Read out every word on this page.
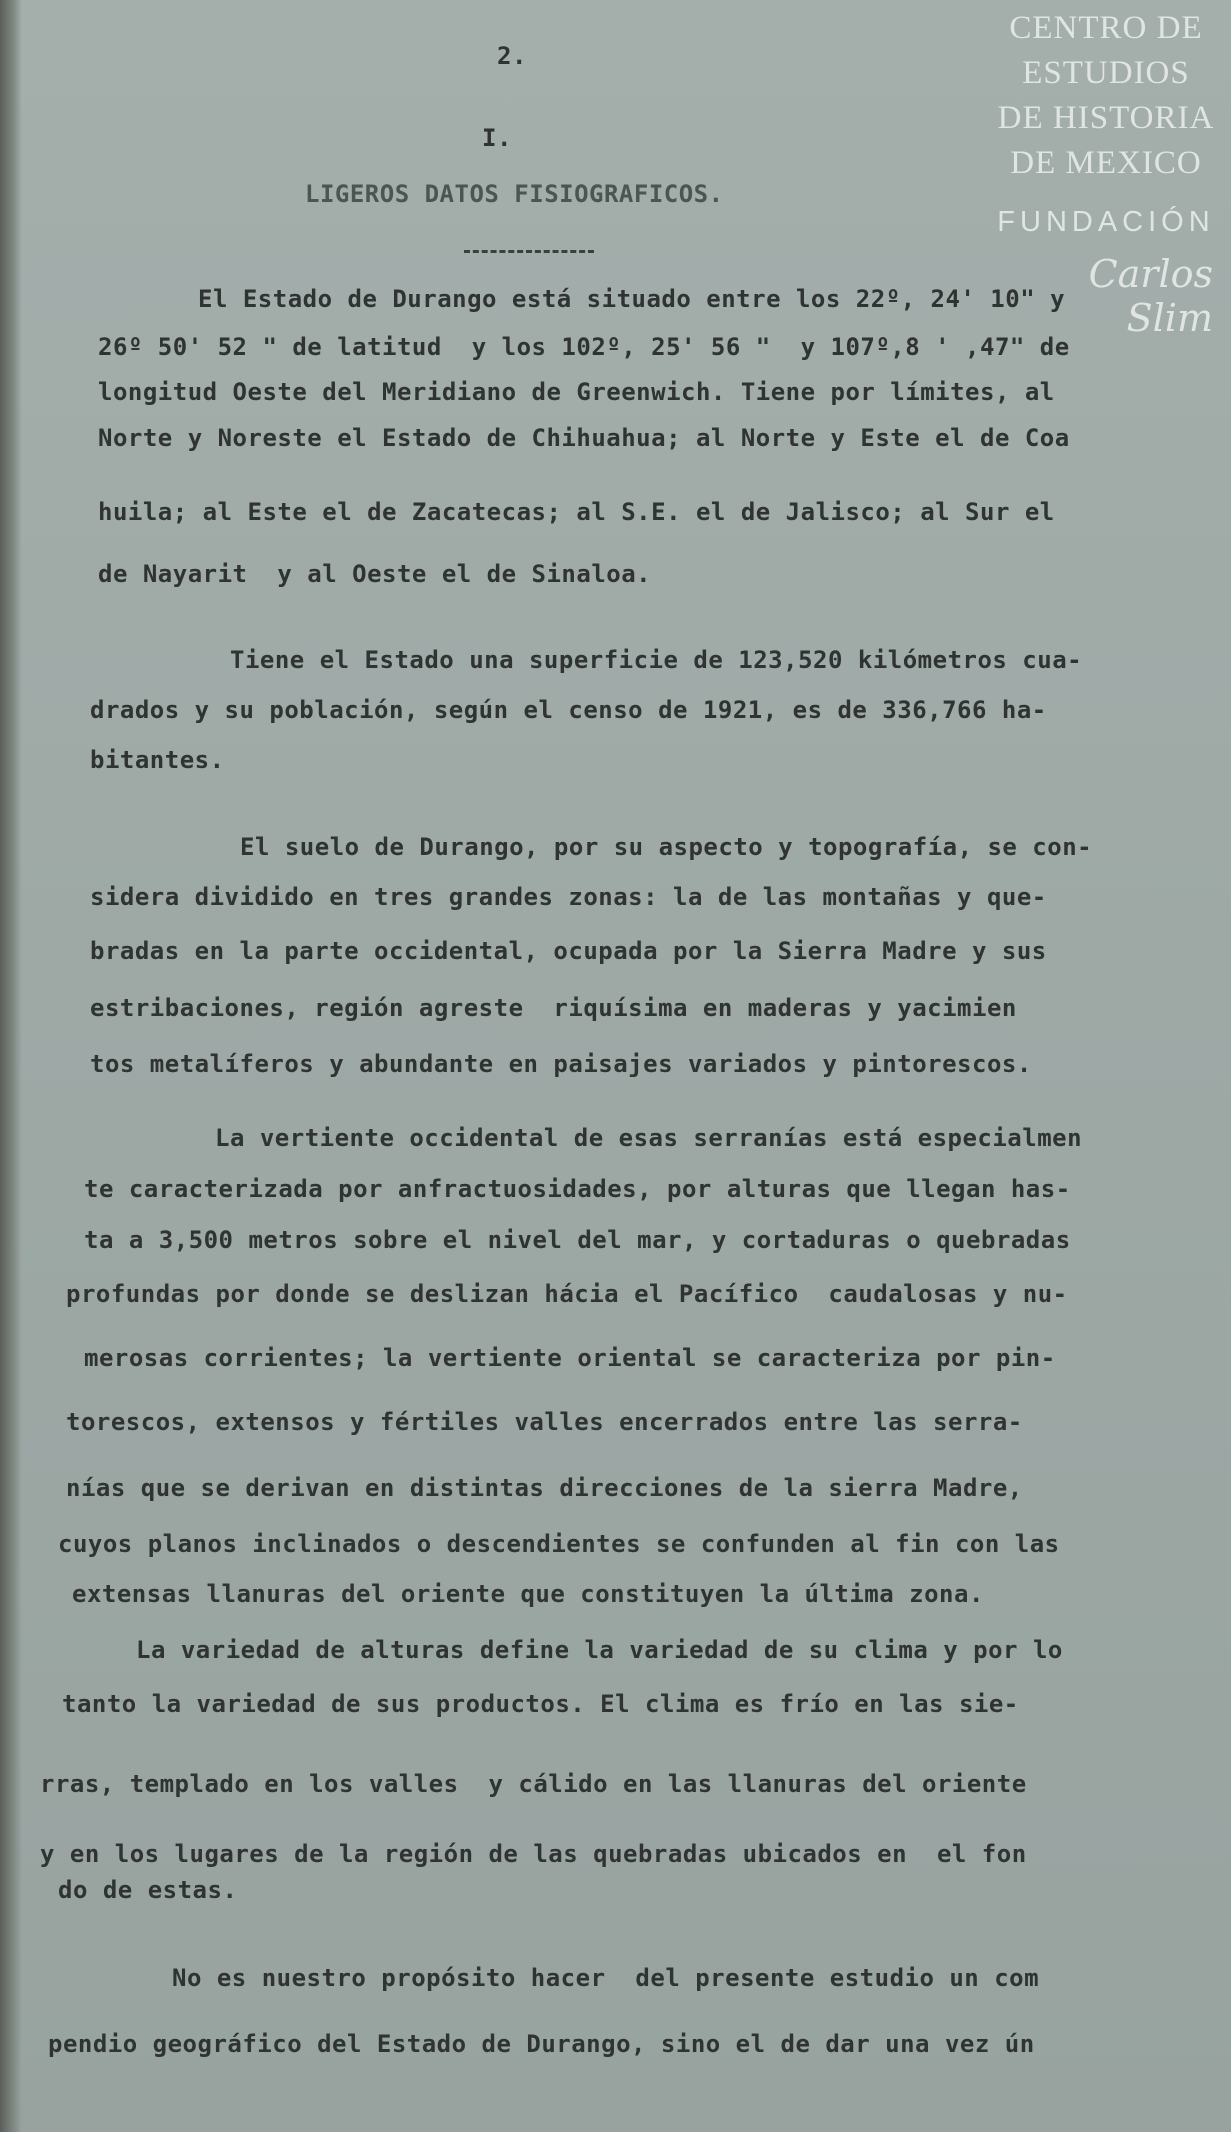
CENTRO DE
ESTUDIOS
DE HISTORIA
DE MEXICO
FUNDACIÓN
Carlos Slim
2.
I.
LIGEROS DATOS FISIOGRAFICOS.
El Estado de Durango está situado entre los 22º, 24' 10" y
26º 50' 52 " de latitud  y los 102º, 25' 56 "  y 107º,8 ' ,47" de
longitud Oeste del Meridiano de Greenwich. Tiene por límites, al
Norte y Noreste el Estado de Chihuahua; al Norte y Este el de Coa
huila; al Este el de Zacatecas; al S.E. el de Jalisco; al Sur el
de Nayarit  y al Oeste el de Sinaloa.
Tiene el Estado una superficie de 123,520 kilómetros cua-
drados y su población, según el censo de 1921, es de 336,766 ha-
bitantes.
El suelo de Durango, por su aspecto y topografía, se con-
sidera dividido en tres grandes zonas: la de las montañas y que-
bradas en la parte occidental, ocupada por la Sierra Madre y sus
estribaciones, región agreste  riquísima en maderas y yacimien
tos metalíferos y abundante en paisajes variados y pintorescos.
La vertiente occidental de esas serranías está especialmen
te caracterizada por anfractuosidades, por alturas que llegan has-
ta a 3,500 metros sobre el nivel del mar, y cortaduras o quebradas
profundas por donde se deslizan hácia el Pacífico  caudalosas y nu-
merosas corrientes; la vertiente oriental se caracteriza por pin-
torescos, extensos y fértiles valles encerrados entre las serra-
nías que se derivan en distintas direcciones de la sierra Madre,
cuyos planos inclinados o descendientes se confunden al fin con las
extensas llanuras del oriente que constituyen la última zona.
La variedad de alturas define la variedad de su clima y por lo
tanto la variedad de sus productos. El clima es frío en las sie-
rras, templado en los valles  y cálido en las llanuras del oriente
y en los lugares de la región de las quebradas ubicados en  el fon
do de estas.
No es nuestro propósito hacer  del presente estudio un com
pendio geográfico del Estado de Durango, sino el de dar una vez ún
